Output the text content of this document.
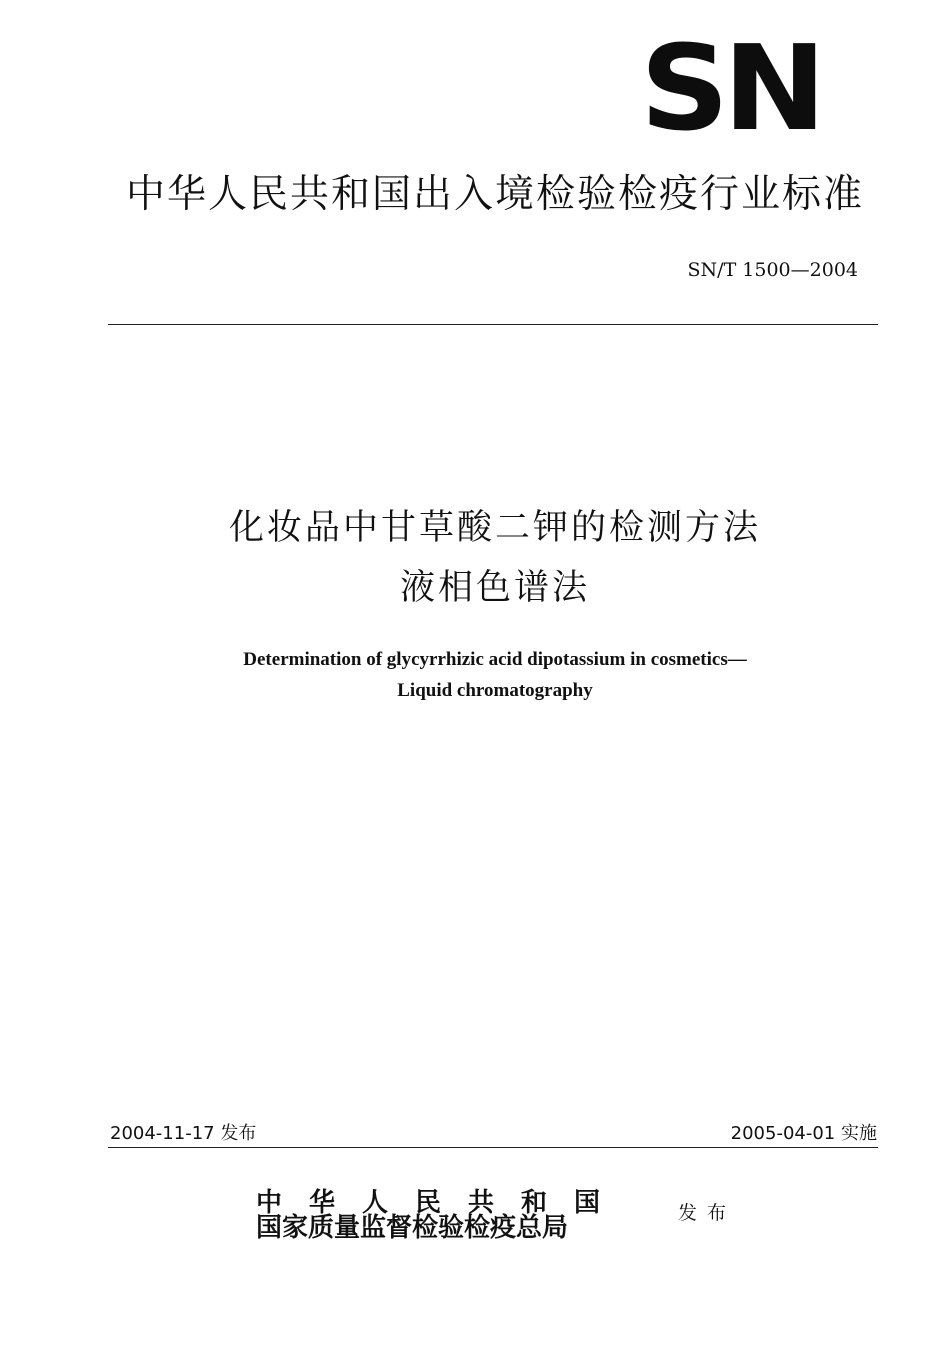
SN
中华人民共和国出入境检验检疫行业标准
SN/T 1500—2004
化妆品中甘草酸二钾的检测方法
液相色谱法
Determination of glycyrrhizic acid dipotassium in cosmetics—
Liquid chromatography
2004-11-17 发布	2005-04-01 实施
中华人民共和国
国家质量监督检验检疫总局	发布
